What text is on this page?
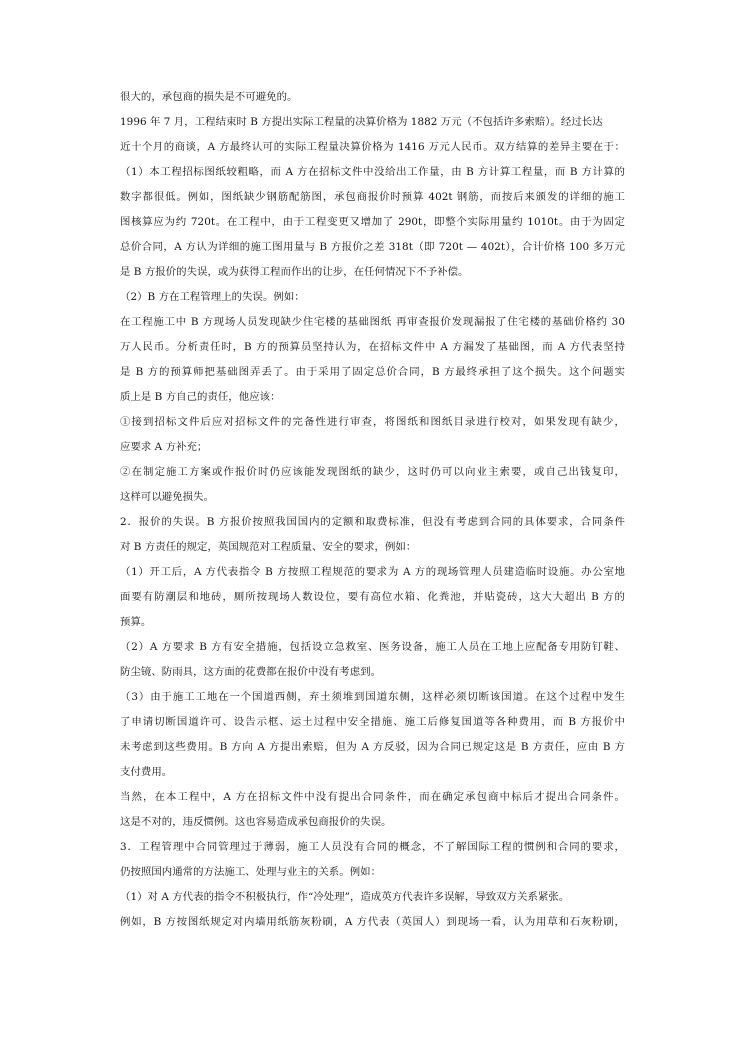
很大的，承包商的损失是不可避免的。
1996 年 7 月，工程结束时 B 方提出实际工程量的决算价格为 1882 万元（不包括许多索赔）。经过长达
近十个月的商谈，A 方最终认可的实际工程量决算价格为 1416 万元人民币。双方结算的差异主要在于：
（1）本工程招标图纸较粗略，而 A 方在招标文件中没给出工作量，由 B 方计算工程量，而 B 方计算的
数字都很低。例如，图纸缺少钢筋配筋图，承包商报价时预算 402t 钢筋，而按后来颁发的详细的施工
图核算应为约 720t。在工程中，由于工程变更又增加了 290t，即整个实际用量约 1010t。由于为固定
总价合同，A 方认为详细的施工图用量与 B 方报价之差 318t（即 720t — 402t），合计价格 100 多万元
是 B 方报价的失误，或为获得工程而作出的让步，在任何情况下不予补偿。
（2）B 方在工程管理上的失误。例如：
在工程施工中 B 方现场人员发现缺少住宅楼的基础图纸 再审查报价发现漏报了住宅楼的基础价格约 30
万人民币。分析责任时，B 方的预算员坚持认为，在招标文件中 A 方漏发了基础图，而 A 方代表坚持
是 B 方的预算师把基础图弄丢了。由于采用了固定总价合同，B 方最终承担了这个损失。这个问题实
质上是 B 方自己的责任，他应该：
①接到招标文件后应对招标文件的完备性进行审查，将图纸和图纸目录进行校对，如果发现有缺少，
应要求 A 方补充；
②在制定施工方案或作报价时仍应该能发现图纸的缺少，这时仍可以向业主索要，或自己出钱复印，
这样可以避免损失。
2．报价的失误。B 方报价按照我国国内的定额和取费标准，但没有考虑到合同的具体要求，合同条件
对 B 方责任的规定，英国规范对工程质量、安全的要求，例如：
（1）开工后，A 方代表指令 B 方按照工程规范的要求为 A 方的现场管理人员建造临时设施。办公室地
面要有防潮层和地砖，厕所按现场人数设位，要有高位水箱、化粪池，并贴瓷砖，这大大超出 B 方的
预算。
（2）A 方要求 B 方有安全措施，包括设立急救室、医务设备，施工人员在工地上应配备专用防钉鞋、
防尘镜、防雨具，这方面的花费都在报价中没有考虑到。
（3）由于施工工地在一个国道西侧，弃土须堆到国道东侧，这样必须切断该国道。在这个过程中发生
了申请切断国道许可、设告示框、运土过程中安全措施、施工后修复国道等各种费用，而 B 方报价中
未考虑到这些费用。B 方向 A 方提出索赔，但为 A 方反驳，因为合同已规定这是 B 方责任，应由 B 方
支付费用。
当然，在本工程中，A 方在招标文件中没有提出合同条件，而在确定承包商中标后才提出合同条件。
这是不对的，违反惯例。这也容易造成承包商报价的失误。
3．工程管理中合同管理过于薄弱，施工人员没有合同的概念，不了解国际工程的惯例和合同的要求，
仍按照国内通常的方法施工、处理与业主的关系。例如：
（1）对 A 方代表的指令不积极执行，作“冷处理”，造成英方代表许多误解，导致双方关系紧张。
例如，B 方按图纸规定对内墙用纸筋灰粉刷，A 方代表（英国人）到现场一看，认为用草和石灰粉刷，
